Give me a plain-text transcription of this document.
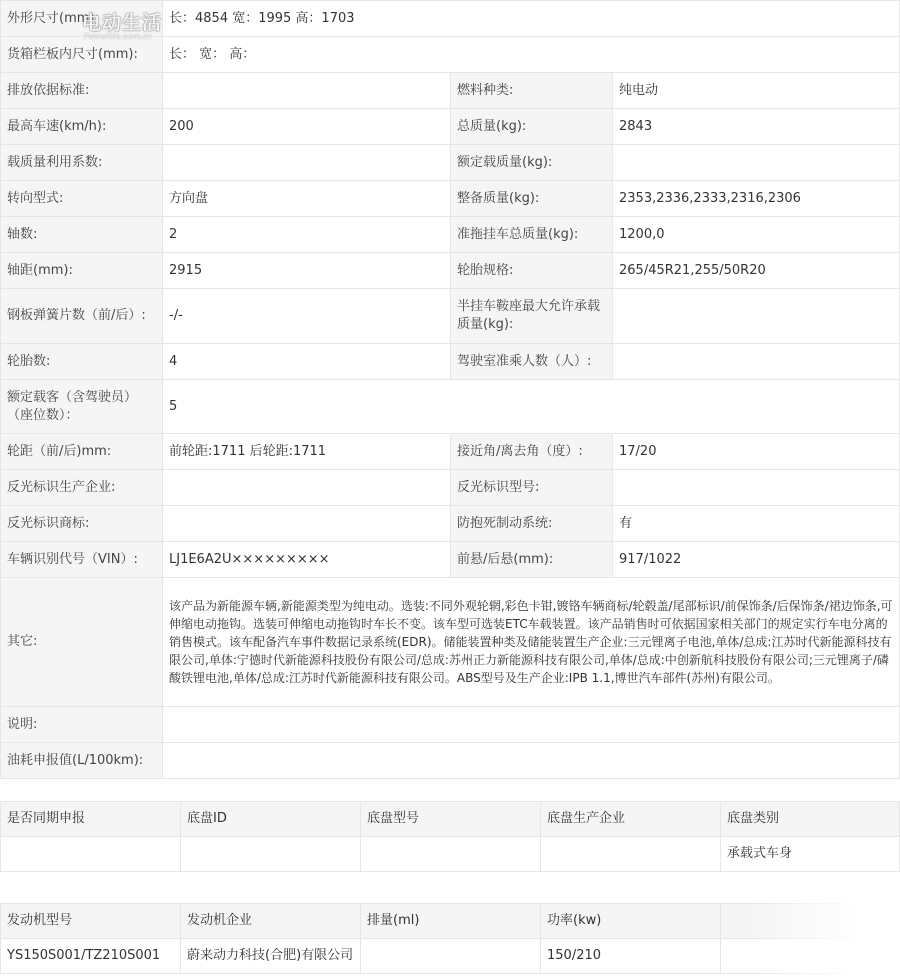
外形尺寸(mm):	长：4854 宽：1995 高：1703		
货箱栏板内尺寸(mm):	长： 宽： 高：		
排放依据标准:		燃料种类:	纯电动
最高车速(km/h):	200	总质量(kg):	2843
载质量利用系数:		额定载质量(kg):	
转向型式:	方向盘	整备质量(kg):	2353,2336,2333,2316,2306
轴数:	2	准拖挂车总质量(kg):	1200,0
轴距(mm):	2915	轮胎规格:	265/45R21,255/50R20
钢板弹簧片数（前/后）:	-/-	半挂车鞍座最大允许承载质量(kg):	
轮胎数:	4	驾驶室准乘人数（人）:	
额定载客（含驾驶员）（座位数）：	5		
轮距（前/后)mm:	前轮距:1711 后轮距:1711	接近角/离去角（度）:	17/20
反光标识生产企业:		反光标识型号:	
反光标识商标:		防抱死制动系统:	有
车辆识别代号（VIN）:	LJ1E6A2U×××××××××	前悬/后悬(mm):	917/1022
其它:	该产品为新能源车辆,新能源类型为纯电动。选装:不同外观轮辋,彩色卡钳,镀铬车辆商标/轮毂盖/尾部标识/前保饰条/后保饰条/裙边饰条,可伸缩电动拖钩。选装可伸缩电动拖钩时车长不变。该车型可选装ETC车载装置。该产品销售时可依据国家相关部门的规定实行车电分离的销售模式。该车配备汽车事件数据记录系统(EDR)。储能装置种类及储能装置生产企业:三元锂离子电池,单体/总成:江苏时代新能源科技有限公司,单体:宁德时代新能源科技股份有限公司/总成:苏州正力新能源科技有限公司,单体/总成:中创新航科技股份有限公司;三元锂离子/磷酸铁锂电池,单体/总成:江苏时代新能源科技有限公司。ABS型号及生产企业:IPB 1.1,博世汽车部件(苏州)有限公司。		
说明:			
油耗申报值(L/100km):			
是否同期申报	底盘ID	底盘型号	底盘生产企业	底盘类别
				承载式车身
发动机型号	发动机企业	排量(ml)	功率(kw)	
YS150S001/TZ210S001	蔚来动力科技(合肥)有限公司		150/210	
电动生活
Powerlife.com.cn
